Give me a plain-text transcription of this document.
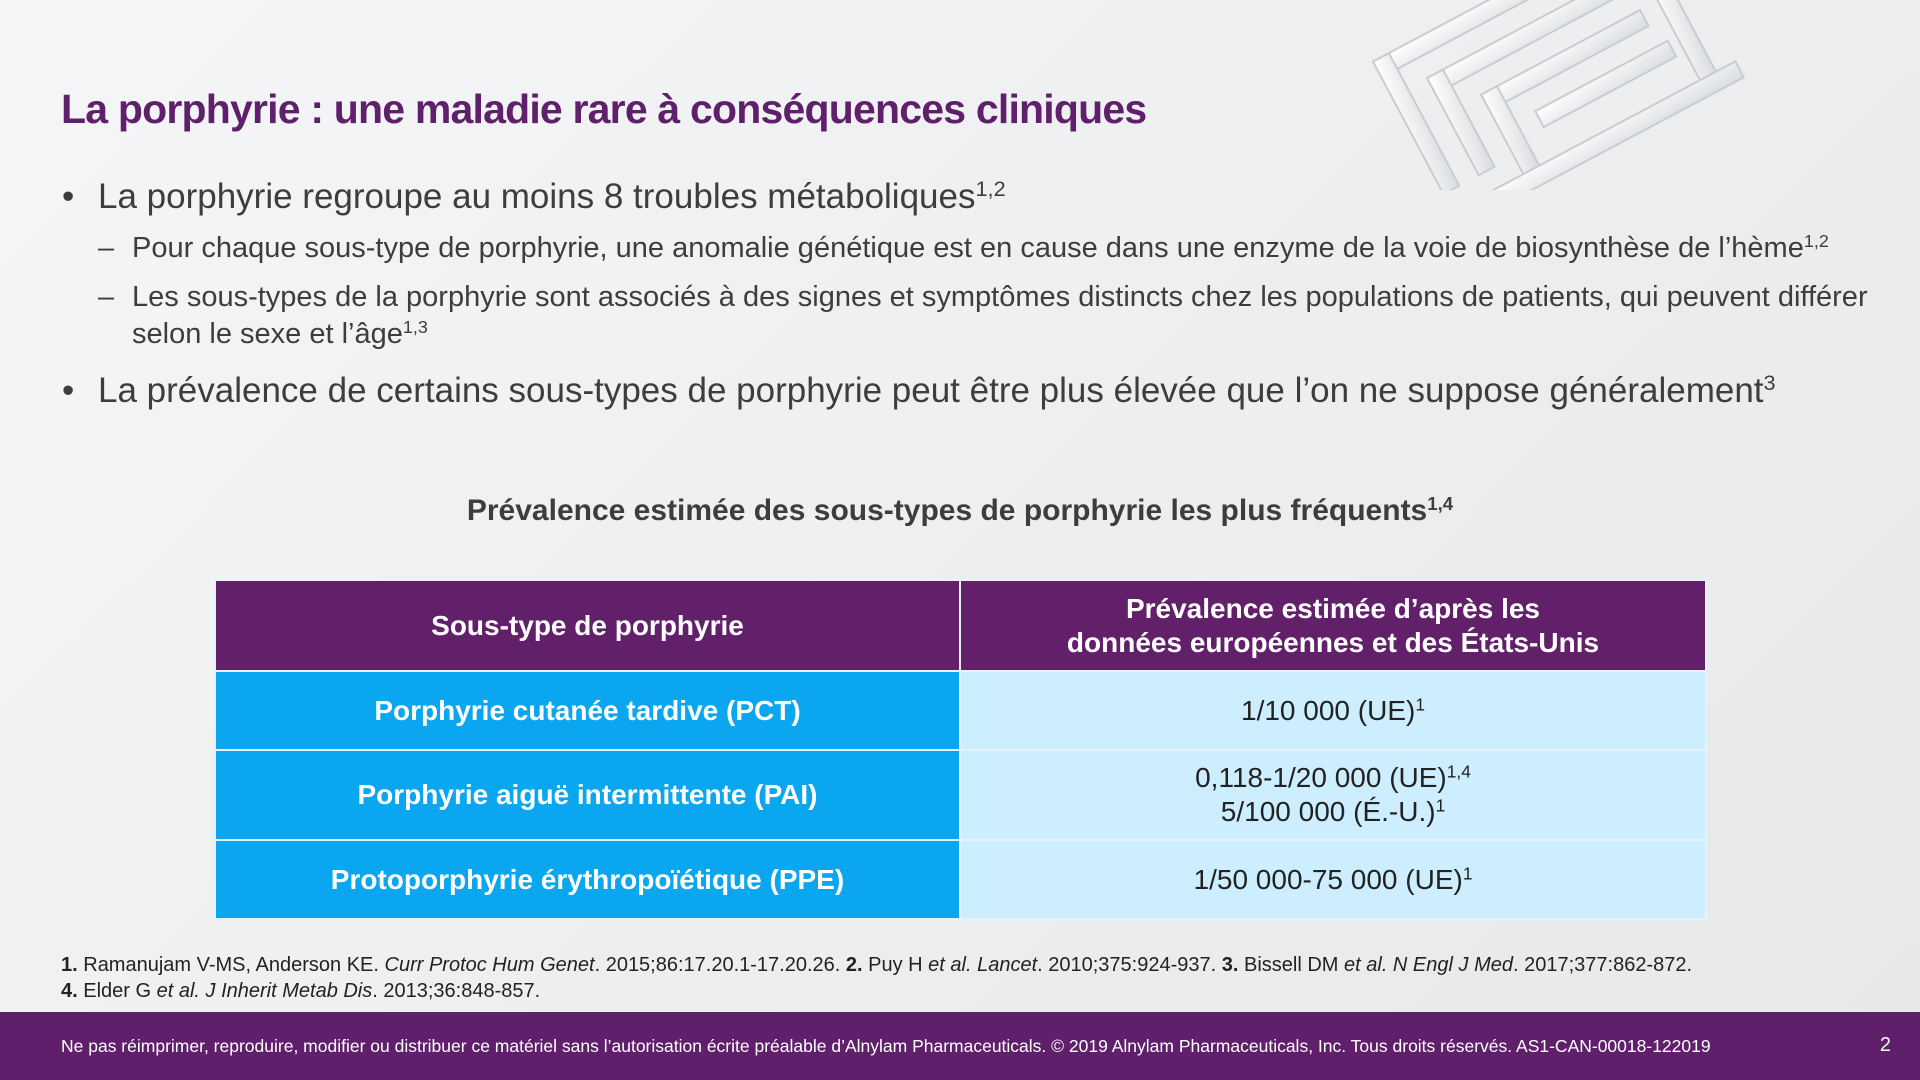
La porphyrie : une maladie rare à conséquences cliniques
• La porphyrie regroupe au moins 8 troubles métaboliques$^{1,2}$
– Pour chaque sous-type de porphyrie, une anomalie génétique est en cause dans une enzyme de la voie de biosynthèse de l’hème$^{1,2}$
– Les sous-types de la porphyrie sont associés à des signes et symptômes distincts chez les populations de patients, qui peuvent différer selon le sexe et l’âge$^{1,3}$
• La prévalence de certains sous-types de porphyrie peut être plus élevée que l’on ne suppose généralement$^3$
Prévalence estimée des sous-types de porphyrie les plus fréquents$^{1,4}$
Sous-type de porphyrie	Prévalence estimée d’après les
données européennes et des États-Unis

Porphyrie cutanée tardive (PCT)	1/10 000 (UE)$^1$
Porphyrie aiguë intermittente (PAI)	0,118-1/20 000 (UE)$^{1,4}$
5/100 000 (É.-U.)$^1$

Protoporphyrie érythropoïétique (PPE)	1/50 000-75 000 (UE)$^1$
1. Ramanujam V-MS, Anderson KE. Curr Protoc Hum Genet. 2015;86:17.20.1-17.20.26. 2. Puy H et al. Lancet. 2010;375:924-937. 3. Bissell DM et al. N Engl J Med. 2017;377:862-872.
4. Elder G et al. J Inherit Metab Dis. 2013;36:848-857.
Ne pas réimprimer, reproduire, modifier ou distribuer ce matériel sans l’autorisation écrite préalable d’Alnylam Pharmaceuticals. © 2019 Alnylam Pharmaceuticals, Inc. Tous droits réservés. AS1-CAN-00018-122019	2
